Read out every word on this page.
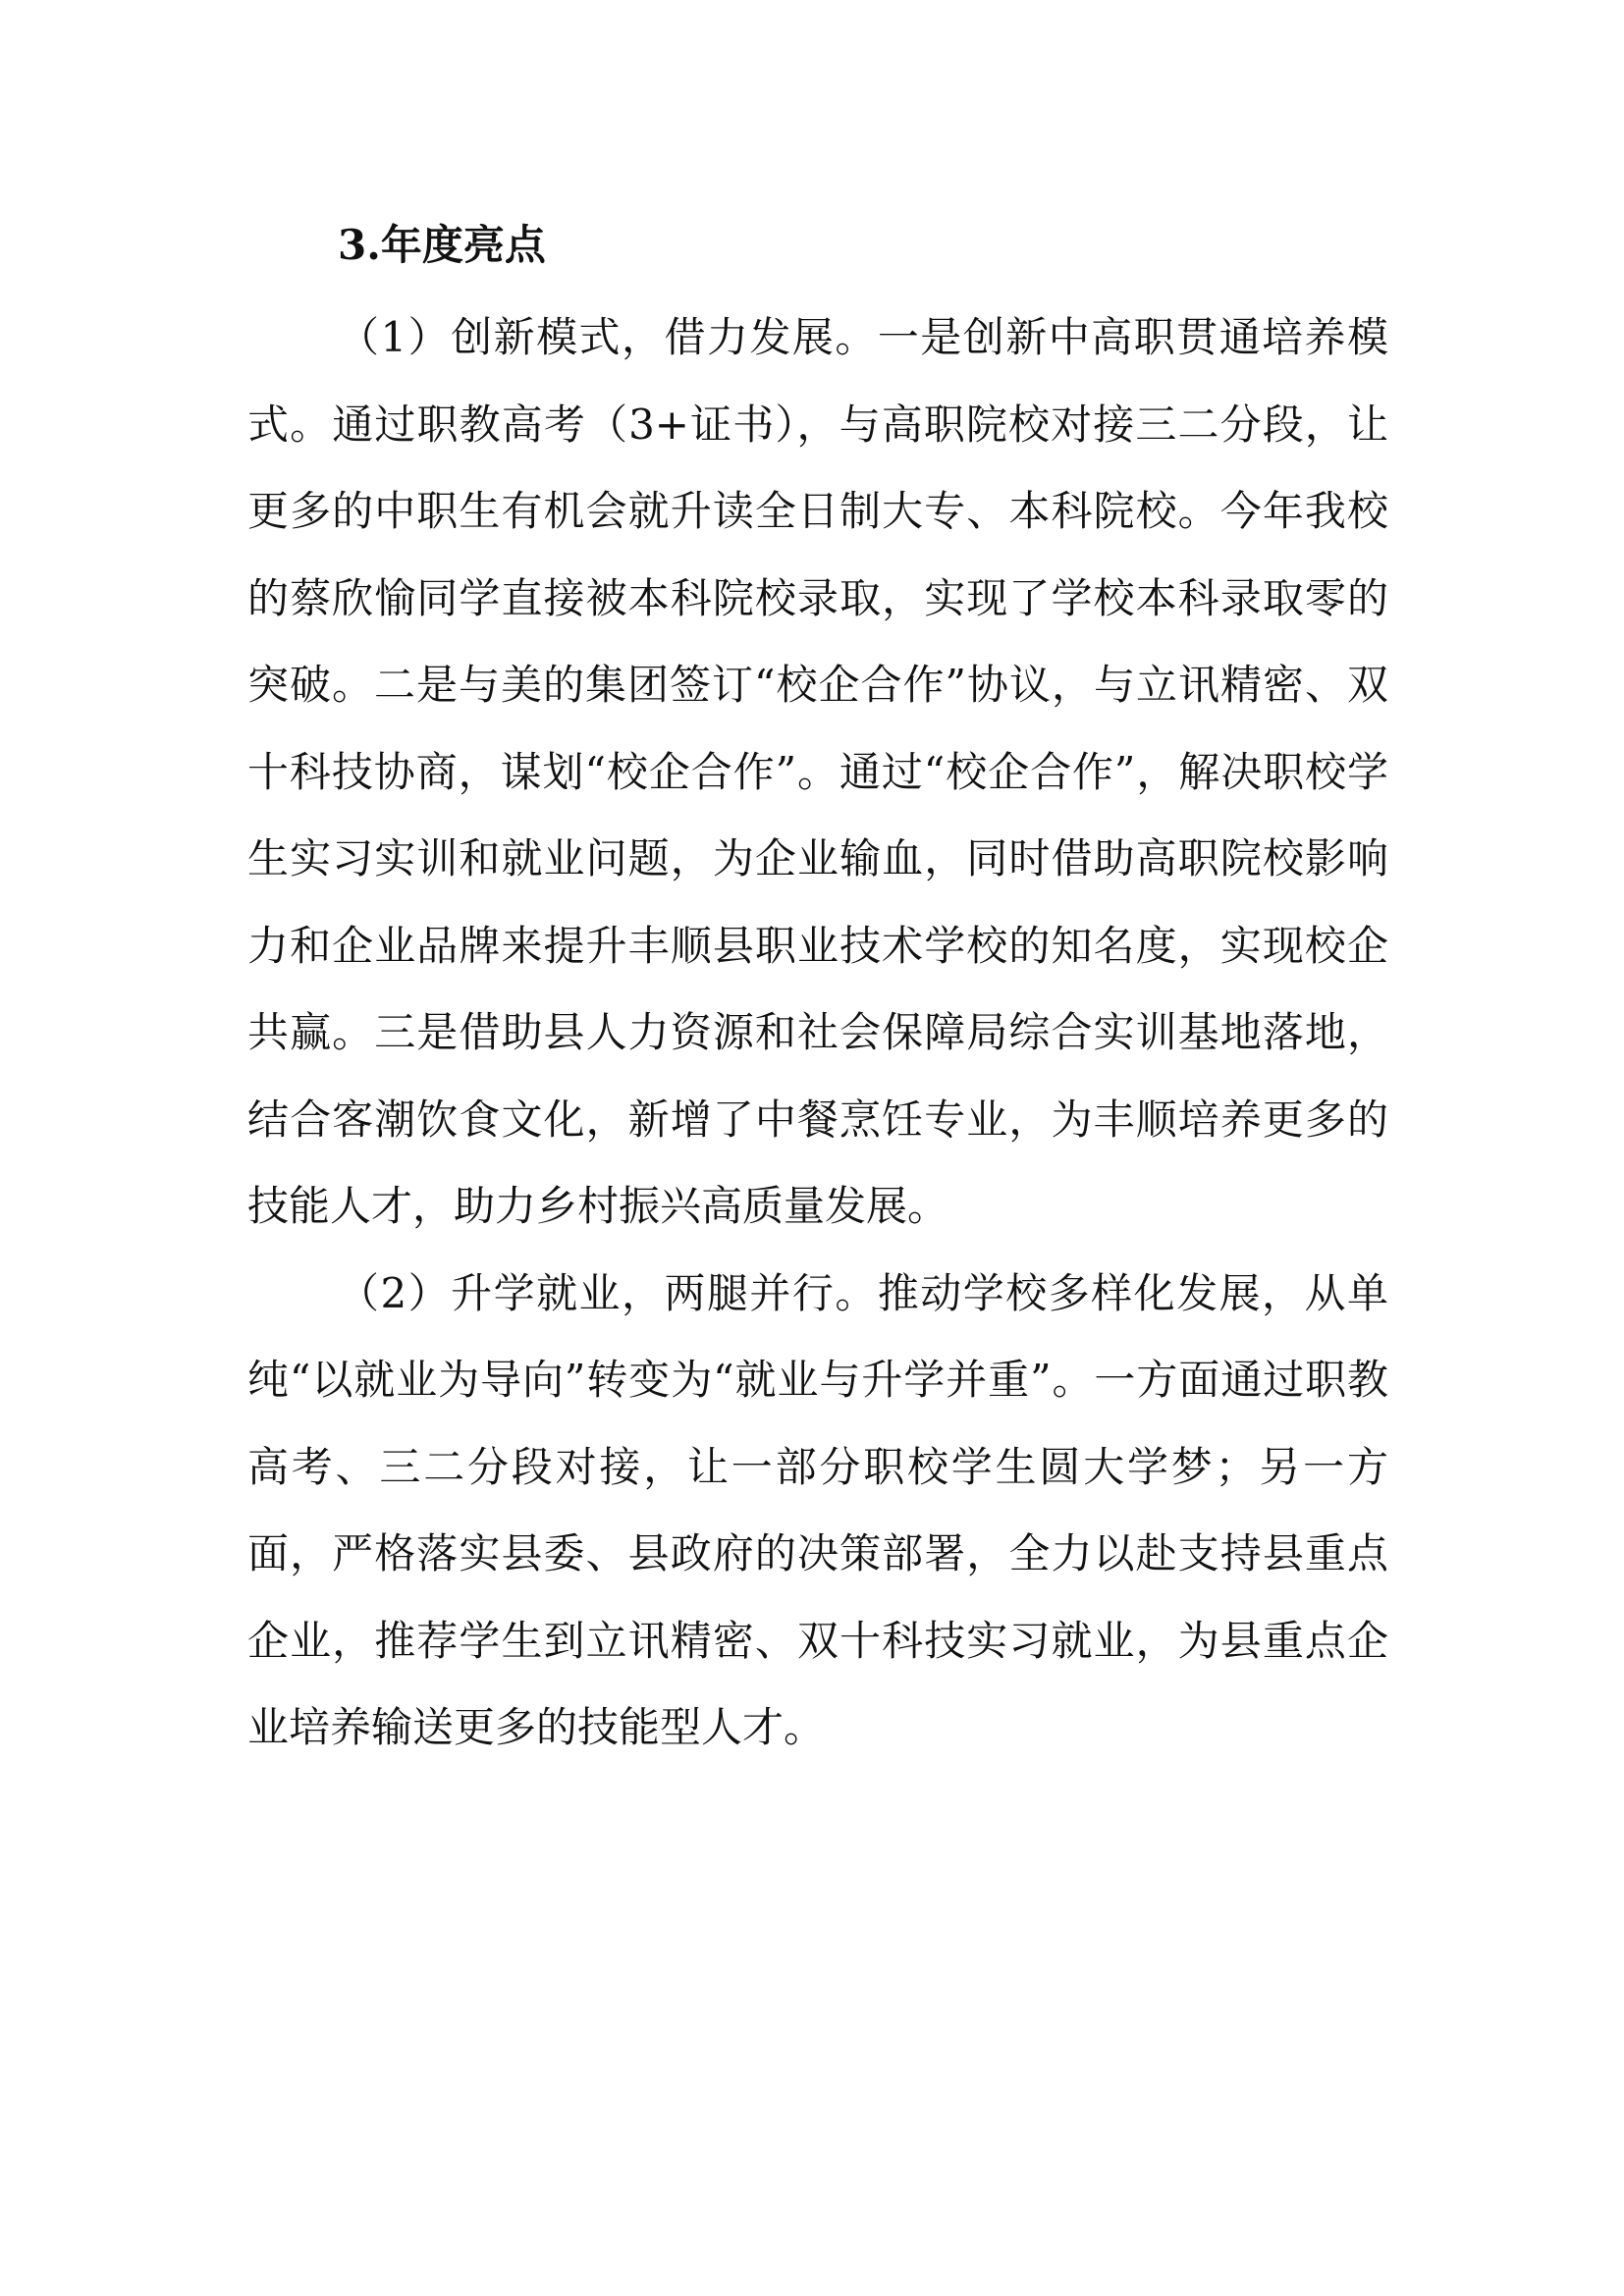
3.年度亮点

（1）创新模式，借力发展。一是创新中高职贯通培养模式。通过职教高考（3+证书），与高职院校对接三二分段，让更多的中职生有机会就升读全日制大专、本科院校。今年我校的蔡欣愉同学直接被本科院校录取，实现了学校本科录取零的突破。二是与美的集团签订“校企合作”协议，与立讯精密、双十科技协商，谋划“校企合作”。通过“校企合作”，解决职校学生实习实训和就业问题，为企业输血，同时借助高职院校影响力和企业品牌来提升丰顺县职业技术学校的知名度，实现校企共赢。三是借助县人力资源和社会保障局综合实训基地落地，结合客潮饮食文化，新增了中餐烹饪专业，为丰顺培养更多的技能人才，助力乡村振兴高质量发展。

（2）升学就业，两腿并行。推动学校多样化发展，从单纯“以就业为导向”转变为“就业与升学并重”。一方面通过职教高考、三二分段对接，让一部分职校学生圆大学梦；另一方面，严格落实县委、县政府的决策部署，全力以赴支持县重点企业，推荐学生到立讯精密、双十科技实习就业，为县重点企业培养输送更多的技能型人才。
